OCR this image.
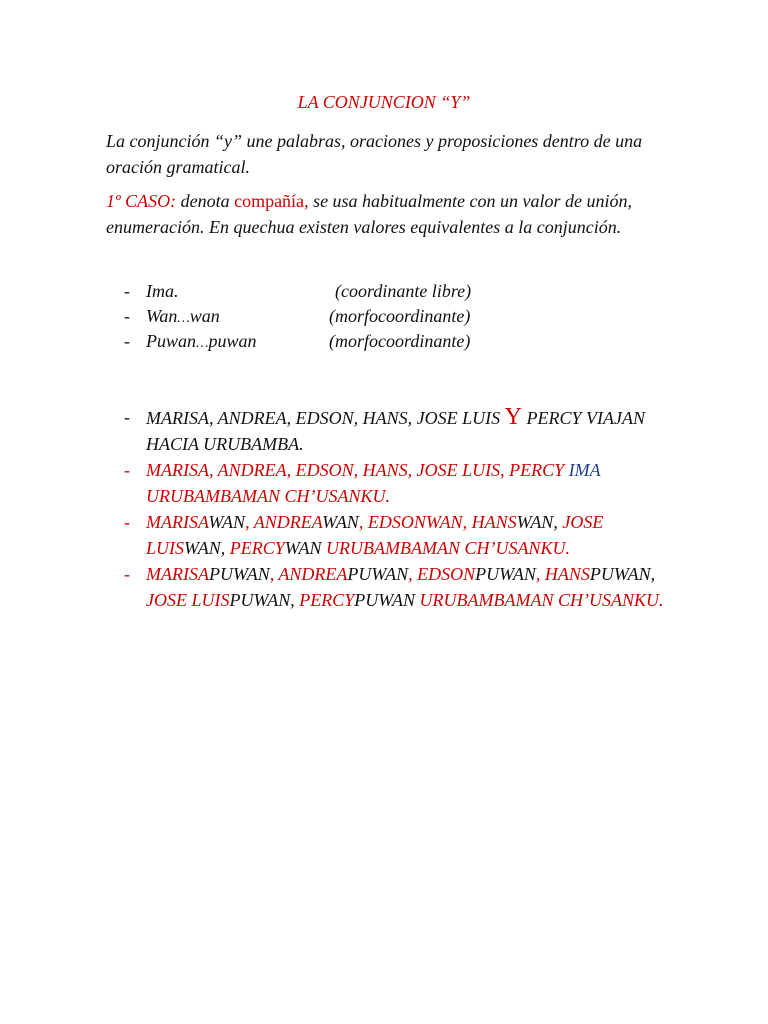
LA CONJUNCION “Y”

La conjunción “y” une palabras, oraciones y proposiciones dentro de una oración gramatical.

1º CASO: denota compañía, se usa habitualmente con un valor de unión, enumeración. En quechua existen valores equivalentes a la conjunción.

- Ima.	(coordinante libre)
- Wan…wan	(morfocoordinante)
- Puwan…puwan	(morfocoordinante)
- MARISA, ANDREA, EDSON, HANS, JOSE LUIS Y PERCY VIAJAN HACIA URUBAMBA.
- MARISA, ANDREA, EDSON, HANS, JOSE LUIS, PERCY IMA URUBAMBAMAN CH’USANKU.
- MARISAWAN, ANDREAWAN, EDSONWAN, HANSWAN, JOSE LUISWAN, PERCYWAN URUBAMBAMAN CH’USANKU.
- MARISAPUWAN, ANDREAPUWAN, EDSONPUWAN, HANSPUWAN, JOSE LUISPUWAN, PERCYPUWAN URUBAMBAMAN CH’USANKU.
